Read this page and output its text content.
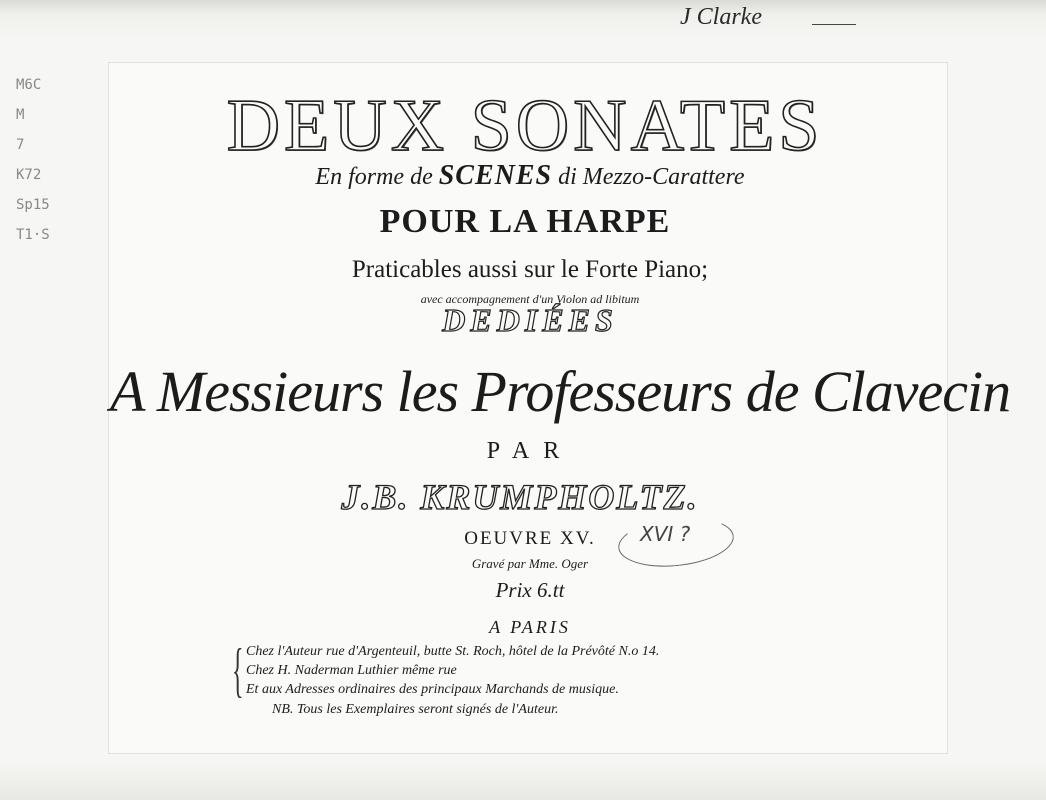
J Clarke
M6C
M
7
K72
Sp15
T1·S
DEUX SONATES
En forme de SCENES di Mezzo-Carattere
POUR LA HARPE
Praticables aussi sur le Forte Piano;
avec accompagnement d'un Violon ad libitum
DEDIÉES
A Messieurs les Professeurs de Clavecin
PAR
J.B. KRUMPHOLTZ.
OEUVRE XV.	XVI ?
Gravé par Mme. Oger
Prix 6.tt
A PARIS
{ Chez l'Auteur rue d'Argenteuil, butte St. Roch, hôtel de la Prévôté N.o 14.
Chez H. Naderman Luthier même rue
Et aux Adresses ordinaires des principaux Marchands de musique.
NB. Tous les Exemplaires seront signés de l'Auteur.
